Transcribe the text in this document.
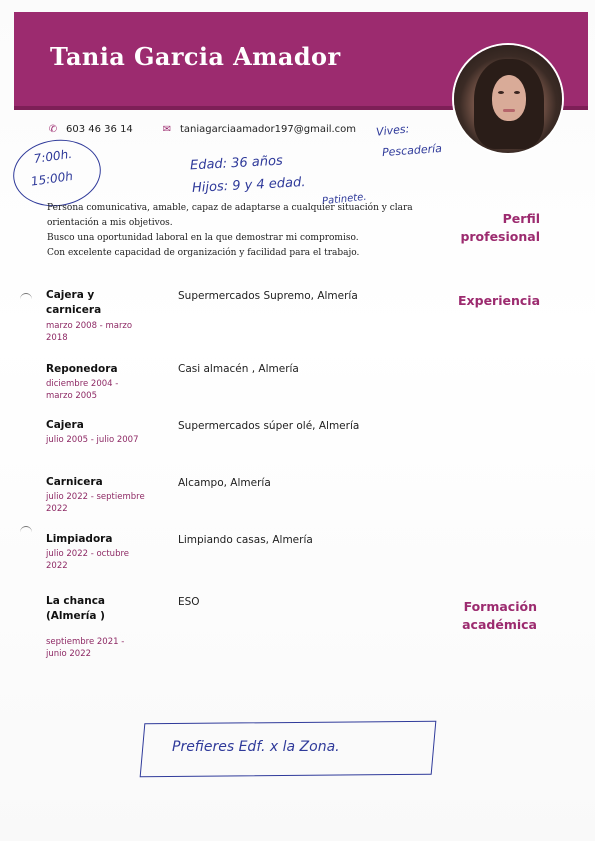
Tania Garcia Amador
✆ 603 46 36 14	✉ taniagarciaamador197@gmail.com Vives:
Pescadería
7:00h.
15:00h
Edad: 36 años
Hijos: 9 y 4 edad.
Patinete.
Persona comunicativa, amable, capaz de adaptarse a cualquier situación y clara
orientación a mis objetivos.
Busco una oportunidad laboral en la que demostrar mi compromiso.
Con excelente capacidad de organización y facilidad para el trabajo.
Perfil profesional
Experiencia
Formación académica
Cajera y carnicera
marzo 2008 - marzo 2018
Supermercados Supremo, Almería
Reponedora
diciembre 2004 - marzo 2005
Casi almacén , Almería
Cajera
julio 2005 - julio 2007
Supermercados súper olé, Almería
Carnicera
julio 2022 - septiembre 2022
Alcampo, Almería
Limpiadora
julio 2022 - octubre 2022
Limpiando casas, Almería
La chanca (Almería )
septiembre 2021 - junio 2022
ESO
Prefieres Edf. x la Zona.
